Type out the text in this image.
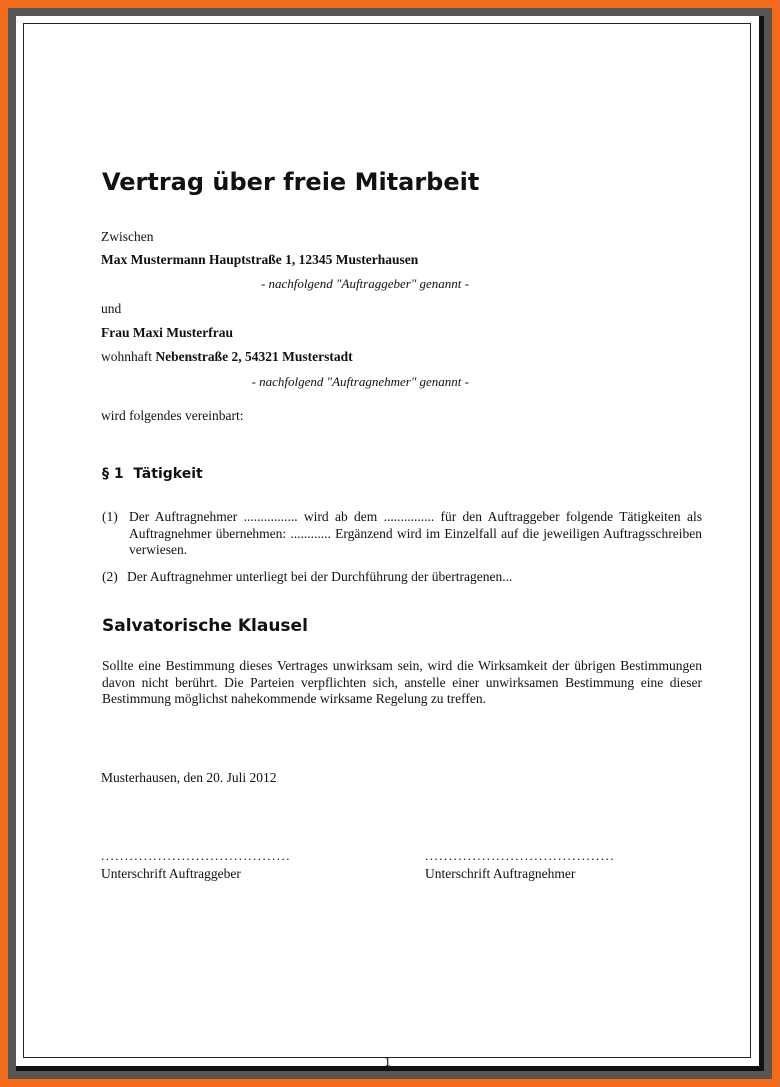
Vertrag über freie Mitarbeit
Zwischen
Max Mustermann Hauptstraße 1, 12345 Musterhausen
- nachfolgend "Auftraggeber" genannt -
und
Frau Maxi Musterfrau
wohnhaft Nebenstraße 2, 54321 Musterstadt
- nachfolgend "Auftragnehmer" genannt -
wird folgendes vereinbart:
§ 1 Tätigkeit
(1) Der Auftragnehmer ................ wird ab dem ............... für den Auftraggeber folgende Tätigkeiten als Auftragnehmer übernehmen: ............ Ergänzend wird im Einzelfall auf die jeweiligen Auftragsschreiben verwiesen.
(2) Der Auftragnehmer unterliegt bei der Durchführung der übertragenen...
Salvatorische Klausel
Sollte eine Bestimmung dieses Vertrages unwirksam sein, wird die Wirksamkeit der übrigen Bestimmungen davon nicht berührt. Die Parteien verpflichten sich, anstelle einer unwirksamen Bestimmung eine dieser Bestimmung möglichst nahekommende wirksame Regelung zu treffen.
Musterhausen, den 20. Juli 2012
........................................
Unterschrift Auftraggeber
........................................
Unterschrift Auftragnehmer
1
